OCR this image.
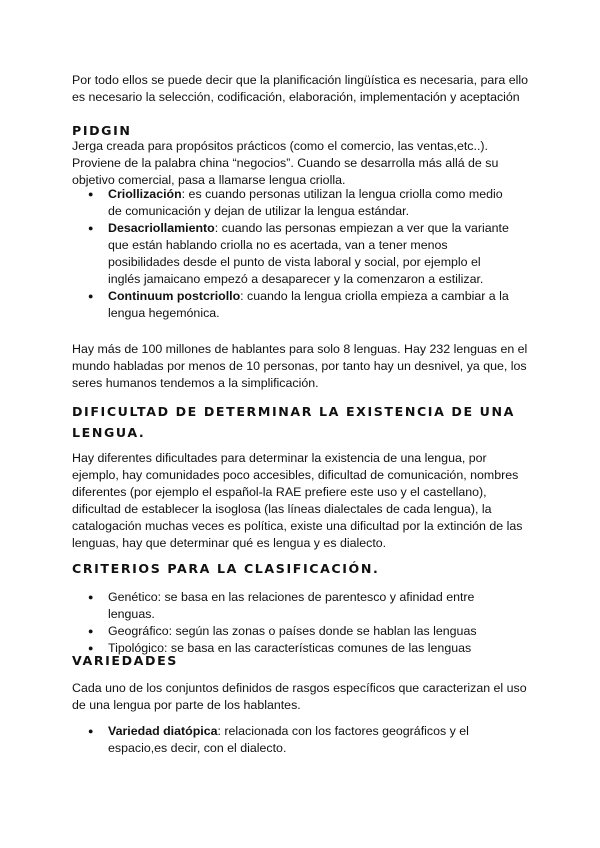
Por todo ellos se puede decir que la planificación lingüística es necesaria, para ello es necesario la selección, codificación, elaboración, implementación y aceptación

PIDGIN

Jerga creada para propósitos prácticos (como el comercio, las ventas,etc..). Proviene de la palabra china “negocios”. Cuando se desarrolla más allá de su objetivo comercial, pasa a llamarse lengua criolla.

● Criollización: es cuando personas utilizan la lengua criolla como medio de comunicación y dejan de utilizar la lengua estándar.
● Desacriollamiento: cuando las personas empiezan a ver que la variante que están hablando criolla no es acertada, van a tener menos posibilidades desde el punto de vista laboral y social, por ejemplo el inglés jamaicano empezó a desaparecer y la comenzaron a estilizar.
● Continuum postcriollo: cuando la lengua criolla empieza a cambiar a la lengua hegemónica.

Hay más de 100 millones de hablantes para solo 8 lenguas. Hay 232 lenguas en el mundo habladas por menos de 10 personas, por tanto hay un desnivel, ya que, los seres humanos tendemos a la simplificación.

DIFICULTAD DE DETERMINAR LA EXISTENCIA DE UNA LENGUA.

Hay diferentes dificultades para determinar la existencia de una lengua, por ejemplo, hay comunidades poco accesibles, dificultad de comunicación, nombres diferentes (por ejemplo el español-la RAE prefiere este uso y el castellano), dificultad de establecer la isoglosa (las líneas dialectales de cada lengua), la catalogación muchas veces es política, existe una dificultad por la extinción de las lenguas, hay que determinar qué es lengua y es dialecto.

CRITERIOS PARA LA CLASIFICACIÓN.
● Genético: se basa en las relaciones de parentesco y afinidad entre lenguas.
● Geográfico: según las zonas o países donde se hablan las lenguas
● Tipológico: se basa en las características comunes de las lenguas
VARIEDADES

Cada uno de los conjuntos definidos de rasgos específicos que caracterizan el uso de una lengua por parte de los hablantes.

● Variedad diatópica: relacionada con los factores geográficos y el espacio,es decir, con el dialecto.
